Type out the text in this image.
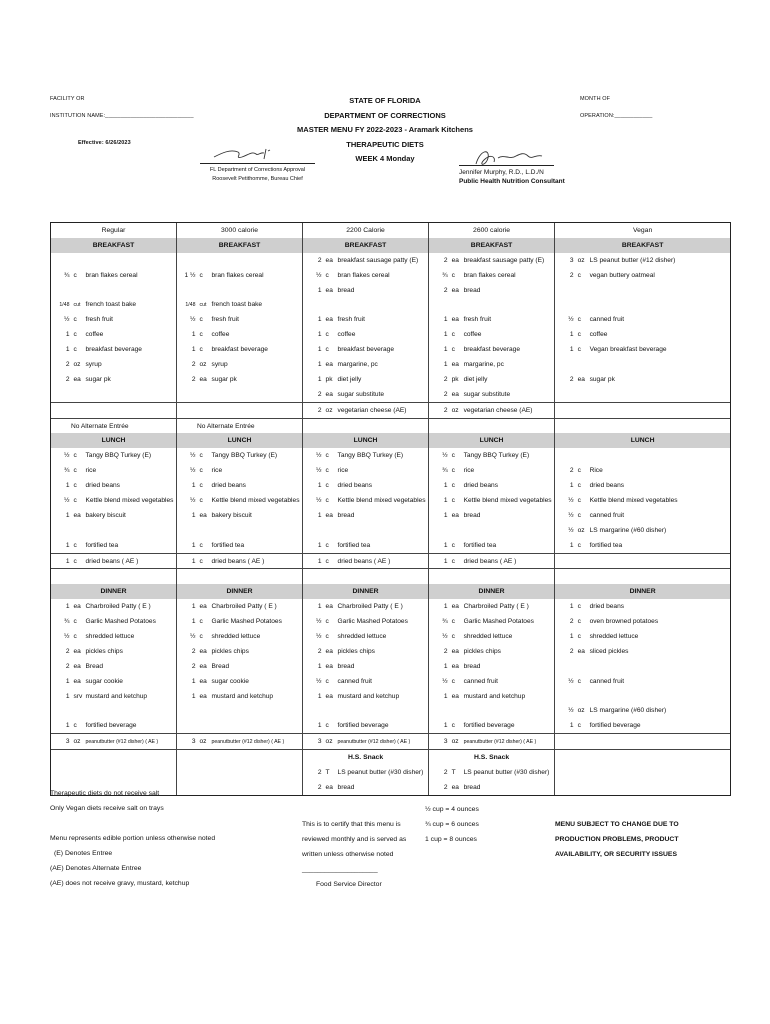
FACILITY OR
INSTITUTION NAME:____________________________
Effective: 6/26/2023
MONTH OF
OPERATION:____________
STATE OF FLORIDA
DEPARTMENT OF CORRECTIONS
MASTER MENU FY 2022-2023 - Aramark Kitchens
THERAPEUTIC DIETS
WEEK 4 Monday
FL Department of Corrections Approval
Roosevelt Petithomme, Bureau Chief
Jennifer Murphy, R.D., L.D./N
Public Health Nutrition Consultant
Regular			3000 calorie			2200 Calorie			2600 calorie			Vegan		
BREAKFAST			BREAKFAST			BREAKFAST			BREAKFAST			BREAKFAST		
						2	ea	breakfast sausage patty (E)	2	ea	breakfast sausage patty (E)	3	oz	LS peanut butter (#12 disher)
¾	c	bran flakes cereal	1 ½	c	bran flakes cereal	½	c	bran flakes cereal	¾	c	bran flakes cereal	2	c	vegan buttery oatmeal
						1	ea	bread	2	ea	bread			
1/48	cut	french toast bake	1/48	cut	french toast bake									
½	c	fresh fruit	½	c	fresh fruit	1	ea	fresh fruit	1	ea	fresh fruit	½	c	canned fruit
1	c	coffee	1	c	coffee	1	c	coffee	1	c	coffee	1	c	coffee
1	c	breakfast beverage	1	c	breakfast beverage	1	c	breakfast beverage	1	c	breakfast beverage	1	c	Vegan breakfast beverage
2	oz	syrup	2	oz	syrup	1	ea	margarine, pc	1	ea	margarine, pc			
2	ea	sugar pk	2	ea	sugar pk	1	pk	diet jelly	2	pk	diet jelly	2	ea	sugar pk
						2	ea	sugar substitute	2	ea	sugar substitute			
						2	oz	vegetarian cheese (AE)	2	oz	vegetarian cheese (AE)			
No Alternate Entrée			No Alternate Entrée											
LUNCH			LUNCH			LUNCH			LUNCH			LUNCH		
½	c	Tangy BBQ Turkey (E)	½	c	Tangy BBQ Turkey (E)	½	c	Tangy BBQ Turkey (E)	½	c	Tangy BBQ Turkey (E)			
¾	c	rice	½	c	rice	½	c	rice	¾	c	rice	2	c	Rice
1	c	dried beans	1	c	dried beans	1	c	dried beans	1	c	dried beans	1	c	dried beans
½	c	Kettle blend mixed vegetables	½	c	Kettle blend mixed vegetables	½	c	Kettle blend mixed vegetables	1	c	Kettle blend mixed vegetables	½	c	Kettle blend mixed vegetables
1	ea	bakery biscuit	1	ea	bakery biscuit	1	ea	bread	1	ea	bread	½	c	canned fruit
												½	oz	LS margarine (#60 disher)
1	c	fortified tea	1	c	fortified tea	1	c	fortified tea	1	c	fortified tea	1	c	fortified tea
1	c	dried beans ( AE )	1	c	dried beans ( AE )	1	c	dried beans ( AE )	1	c	dried beans ( AE )			

DINNER			DINNER			DINNER			DINNER			DINNER		
1	ea	Charbroiled Patty ( E )	1	ea	Charbroiled Patty ( E )	1	ea	Charbroiled Patty ( E )	1	ea	Charbroiled Patty ( E )	1	c	dried beans
¾	c	Garlic Mashed Potatoes	1	c	Garlic Mashed Potatoes	½	c	Garlic Mashed Potatoes	¾	c	Garlic Mashed Potatoes	2	c	oven browned potatoes
½	c	shredded lettuce	½	c	shredded lettuce	½	c	shredded lettuce	½	c	shredded lettuce	1	c	shredded lettuce
2	ea	pickles chips	2	ea	pickles chips	2	ea	pickles chips	2	ea	pickles chips	2	ea	sliced pickles
2	ea	Bread	2	ea	Bread	1	ea	bread	1	ea	bread			
1	ea	sugar cookie	1	ea	sugar cookie	½	c	canned fruit	½	c	canned fruit	½	c	canned fruit
1	srv	mustard and ketchup	1	ea	mustard and ketchup	1	ea	mustard and ketchup	1	ea	mustard and ketchup			
												½	oz	LS margarine (#60 disher)
1	c	fortified beverage				1	c	fortified beverage	1	c	fortified beverage	1	c	fortified beverage
3	oz	peanutbutter (#12 disher) ( AE )	3	oz	peanutbutter (#12 disher) ( AE )	3	oz	peanutbutter (#12 disher) ( AE )	3	oz	peanutbutter (#12 disher) ( AE )			
						H.S. Snack			H.S. Snack					
						2	T	LS peanut butter (#30 disher)	2	T	LS peanut butter (#30 disher)			
						2	ea	bread	2	ea	bread			
Therapeutic diets do not receive salt
Only Vegan diets receive salt on trays

Menu represents edible portion unless otherwise noted
(E) Denotes Entree
(AE) Denotes Alternate Entree
(AE) does not receive gravy, mustard, ketchup
This is to certify that this menu is
reviewed monthly and is served as
written unless otherwise noted
____________________
Food Service Director
½ cup = 4 ounces
¾ cup = 6 ounces
1 cup = 8 ounces
MENU SUBJECT TO CHANGE DUE TO
PRODUCTION PROBLEMS, PRODUCT
AVAILABILITY, OR SECURITY ISSUES
